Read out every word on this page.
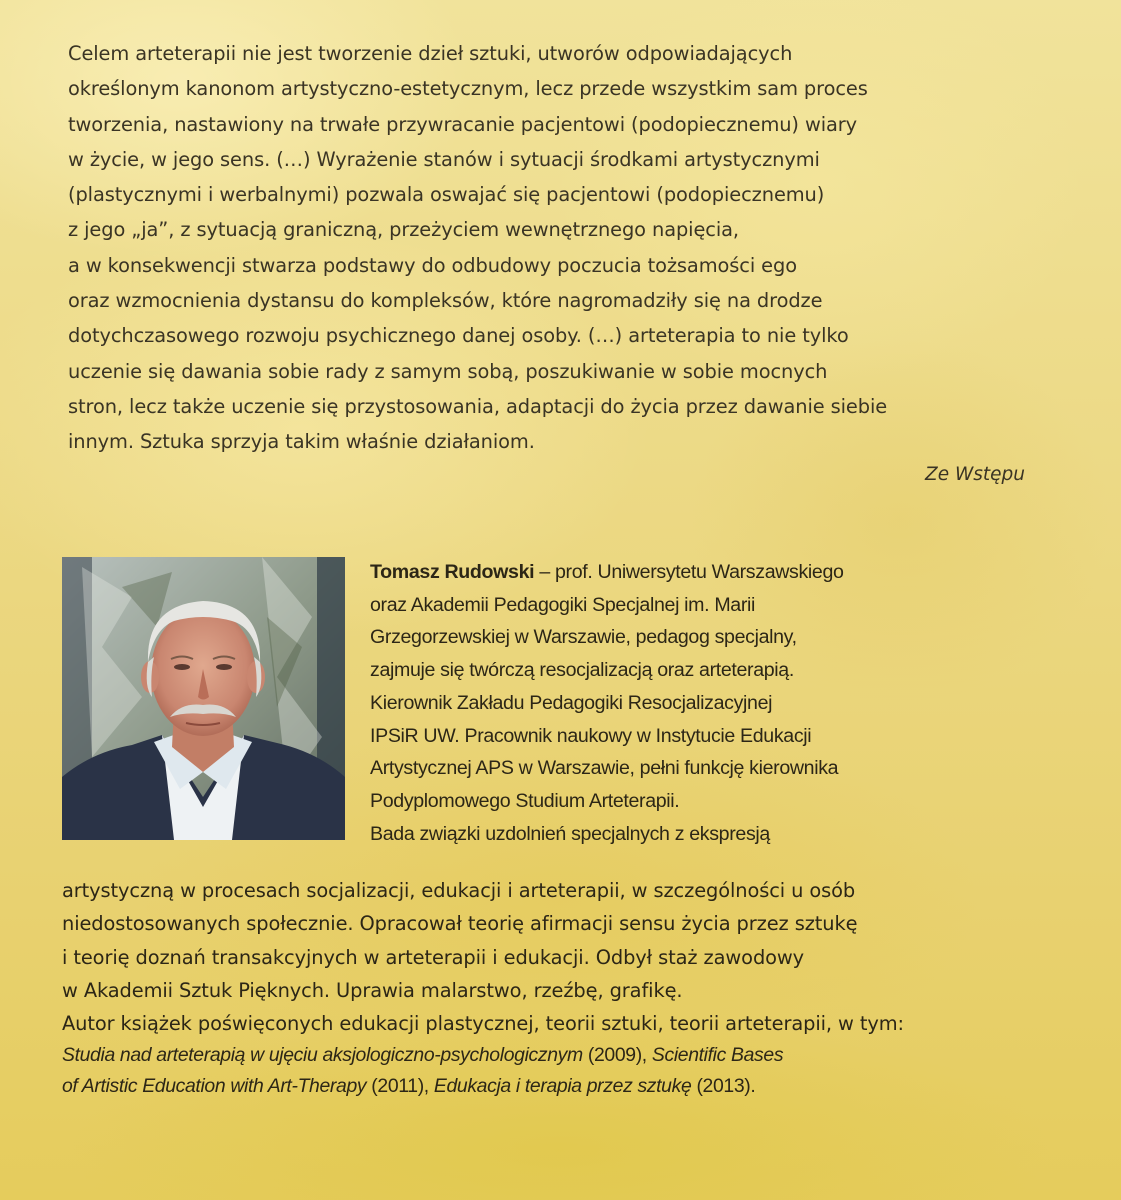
Celem arteterapii nie jest tworzenie dzieł sztuki, utworów odpowiadających
określonym kanonom artystyczno-estetycznym, lecz przede wszystkim sam proces
tworzenia, nastawiony na trwałe przywracanie pacjentowi (podopiecznemu) wiary
w życie, w jego sens. (…) Wyrażenie stanów i sytuacji środkami artystycznymi
(plastycznymi i werbalnymi) pozwala oswajać się pacjentowi (podopiecznemu)
z jego „ja”, z sytuacją graniczną, przeżyciem wewnętrznego napięcia,
a w konsekwencji stwarza podstawy do odbudowy poczucia tożsamości ego
oraz wzmocnienia dystansu do kompleksów, które nagromadziły się na drodze
dotychczasowego rozwoju psychicznego danej osoby. (…) arteterapia to nie tylko
uczenie się dawania sobie rady z samym sobą, poszukiwanie w sobie mocnych
stron, lecz także uczenie się przystosowania, adaptacji do życia przez dawanie siebie
innym. Sztuka sprzyja takim właśnie działaniom.
Ze Wstępu
Tomasz Rudowski – prof. Uniwersytetu Warszawskiego
oraz Akademii Pedagogiki Specjalnej im. Marii
Grzegorzewskiej w Warszawie, pedagog specjalny,
zajmuje się twórczą resocjalizacją oraz arteterapią.
Kierownik Zakładu Pedagogiki Resocjalizacyjnej
IPSiR UW. Pracownik naukowy w Instytucie Edukacji
Artystycznej APS w Warszawie, pełni funkcję kierownika
Podyplomowego Studium Arteterapii.
Bada związki uzdolnień specjalnych z ekspresją
artystyczną w procesach socjalizacji, edukacji i arteterapii, w szczególności u osób
niedostosowanych społecznie. Opracował teorię afirmacji sensu życia przez sztukę
i teorię doznań transakcyjnych w arteterapii i edukacji. Odbył staż zawodowy
w Akademii Sztuk Pięknych. Uprawia malarstwo, rzeźbę, grafikę.
Autor książek poświęconych edukacji plastycznej, teorii sztuki, teorii arteterapii, w tym:
Studia nad arteterapią w ujęciu aksjologiczno-psychologicznym (2009), Scientific Bases
of Artistic Education with Art-Therapy (2011), Edukacja i terapia przez sztukę (2013).
